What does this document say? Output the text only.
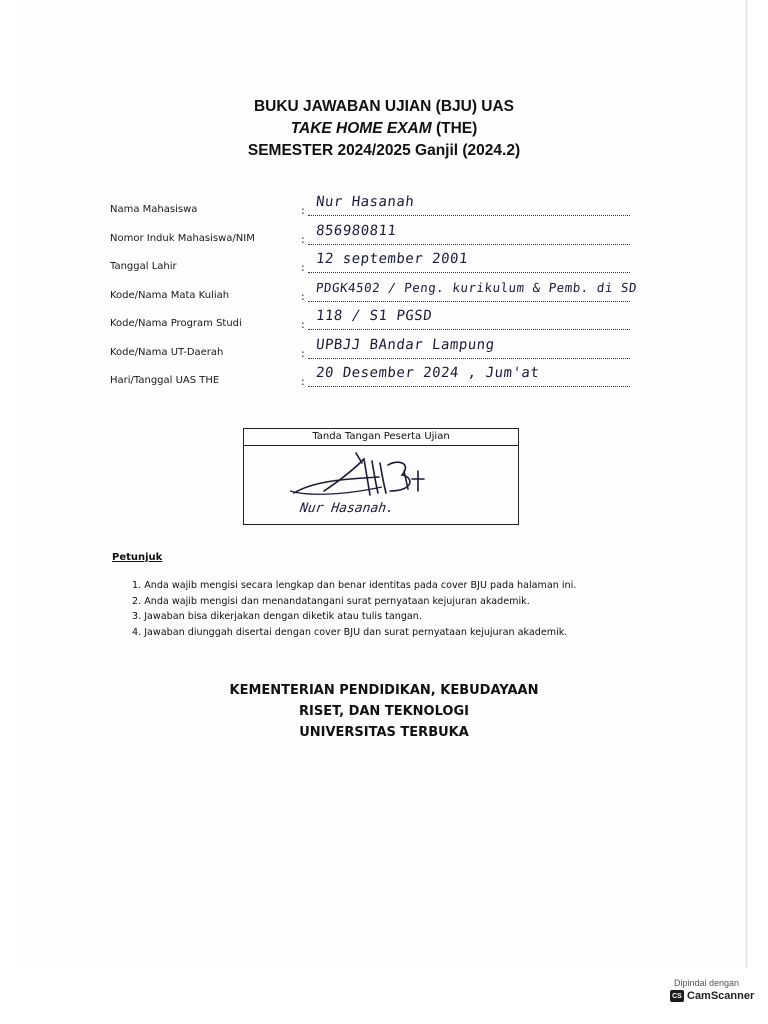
BUKU JAWABAN UJIAN (BJU) UAS
TAKE HOME EXAM (THE)
SEMESTER 2024/2025 Ganjil (2024.2)
Nama Mahasiswa	:
Nur Hasanah
Nomor Induk Mahasiswa/NIM	:
856980811
Tanggal Lahir	:
12 september 2001
Kode/Nama Mata Kuliah	:
PDGK4502 / Peng. kurikulum & Pemb. di SD
Kode/Nama Program Studi	:
118 / S1 PGSD
Kode/Nama UT-Daerah	:
UPBJJ BAndar Lampung
Hari/Tanggal UAS THE	:
20 Desember 2024 , Jum'at
Tanda Tangan Peserta Ujian
Nur Hasanah.
Petunjuk
1. Anda wajib mengisi secara lengkap dan benar identitas pada cover BJU pada halaman ini.
2. Anda wajib mengisi dan menandatangani surat pernyataan kejujuran akademik.
3. Jawaban bisa dikerjakan dengan diketik atau tulis tangan.
4. Jawaban diunggah disertai dengan cover BJU dan surat pernyataan kejujuran akademik.
KEMENTERIAN PENDIDIKAN, KEBUDAYAAN
RISET, DAN TEKNOLOGI
UNIVERSITAS TERBUKA
Dipindai dengan
CS CamScanner
